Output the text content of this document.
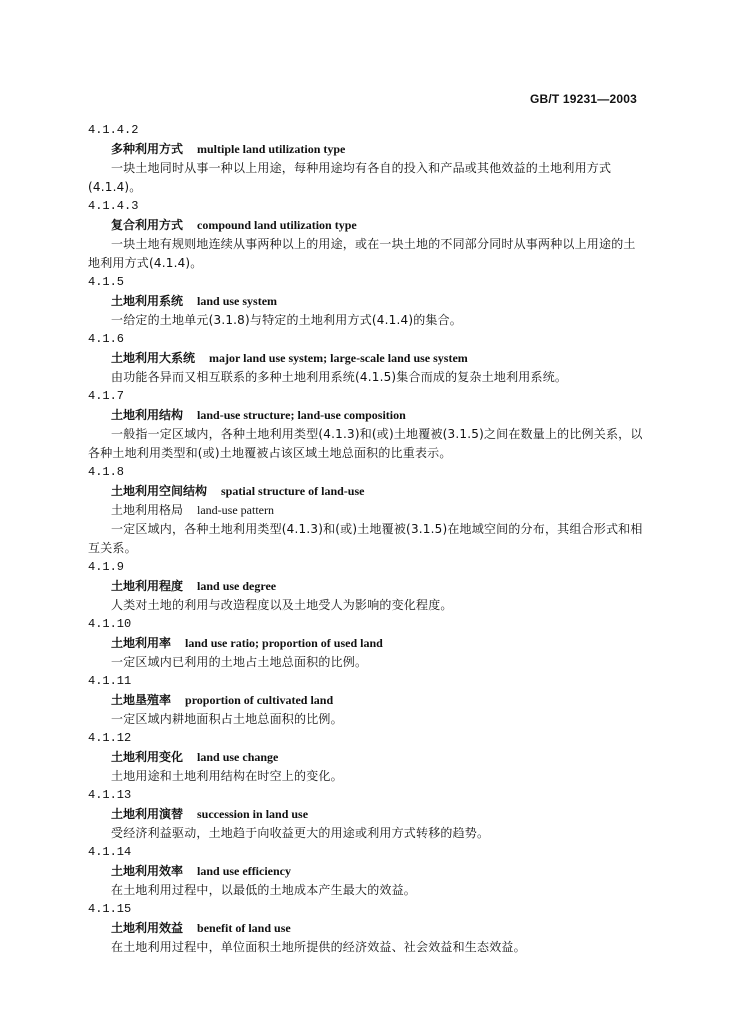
GB/T 19231—2003
4.1.4.2
多种利用方式 multiple land utilization type
一块土地同时从事一种以上用途，每种用途均有各自的投入和产品或其他效益的土地利用方式(4.1.4)。
4.1.4.3
复合利用方式 compound land utilization type
一块土地有规则地连续从事两种以上的用途，或在一块土地的不同部分同时从事两种以上用途的土地利用方式(4.1.4)。
4.1.5
土地利用系统 land use system
一给定的土地单元(3.1.8)与特定的土地利用方式(4.1.4)的集合。
4.1.6
土地利用大系统 major land use system; large-scale land use system
由功能各异而又相互联系的多种土地利用系统(4.1.5)集合而成的复杂土地利用系统。
4.1.7
土地利用结构 land-use structure; land-use composition
一般指一定区域内，各种土地利用类型(4.1.3)和(或)土地覆被(3.1.5)之间在数量上的比例关系，以各种土地利用类型和(或)土地覆被占该区域土地总面积的比重表示。
4.1.8
土地利用空间结构 spatial structure of land-use
土地利用格局 land-use pattern
一定区域内，各种土地利用类型(4.1.3)和(或)土地覆被(3.1.5)在地域空间的分布，其组合形式和相互关系。
4.1.9
土地利用程度 land use degree
人类对土地的利用与改造程度以及土地受人为影响的变化程度。
4.1.10
土地利用率 land use ratio; proportion of used land
一定区域内已利用的土地占土地总面积的比例。
4.1.11
土地垦殖率 proportion of cultivated land
一定区域内耕地面积占土地总面积的比例。
4.1.12
土地利用变化 land use change
土地用途和土地利用结构在时空上的变化。
4.1.13
土地利用演替 succession in land use
受经济利益驱动，土地趋于向收益更大的用途或利用方式转移的趋势。
4.1.14
土地利用效率 land use efficiency
在土地利用过程中，以最低的土地成本产生最大的效益。
4.1.15
土地利用效益 benefit of land use
在土地利用过程中，单位面积土地所提供的经济效益、社会效益和生态效益。
